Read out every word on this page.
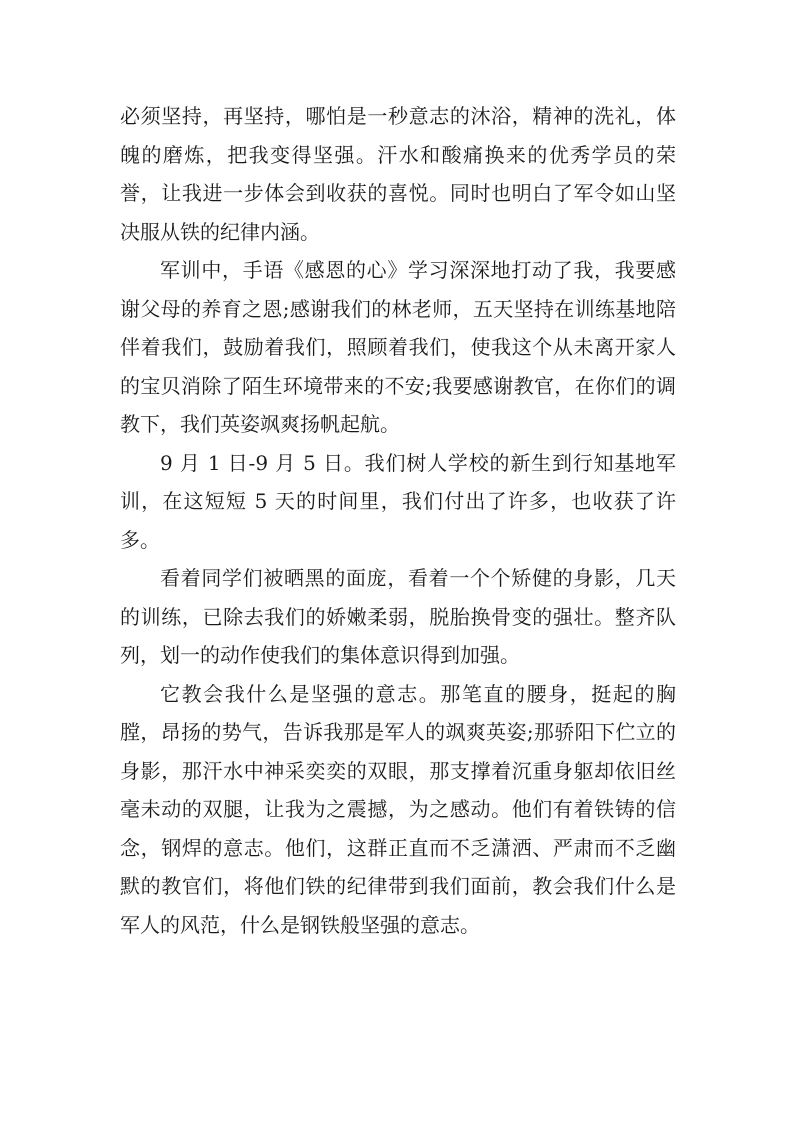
必须坚持，再坚持，哪怕是一秒意志的沐浴，精神的洗礼，体魄的磨炼，把我变得坚强。汗水和酸痛换来的优秀学员的荣誉，让我进一步体会到收获的喜悦。同时也明白了军令如山坚决服从铁的纪律内涵。

军训中，手语《感恩的心》学习深深地打动了我，我要感谢父母的养育之恩;感谢我们的林老师，五天坚持在训练基地陪伴着我们，鼓励着我们，照顾着我们，使我这个从未离开家人的宝贝消除了陌生环境带来的不安;我要感谢教官，在你们的调教下，我们英姿飒爽扬帆起航。

9 月 1 日-9 月 5 日。我们树人学校的新生到行知基地军训，在这短短 5 天的时间里，我们付出了许多，也收获了许多。

看着同学们被晒黑的面庞，看着一个个矫健的身影，几天的训练，已除去我们的娇嫩柔弱，脱胎换骨变的强壮。整齐队列，划一的动作使我们的集体意识得到加强。

它教会我什么是坚强的意志。那笔直的腰身，挺起的胸膛，昂扬的势气，告诉我那是军人的飒爽英姿;那骄阳下伫立的身影，那汗水中神采奕奕的双眼，那支撑着沉重身躯却依旧丝毫未动的双腿，让我为之震撼，为之感动。他们有着铁铸的信念，钢焊的意志。他们，这群正直而不乏潇洒、严肃而不乏幽默的教官们，将他们铁的纪律带到我们面前，教会我们什么是军人的风范，什么是钢铁般坚强的意志。
